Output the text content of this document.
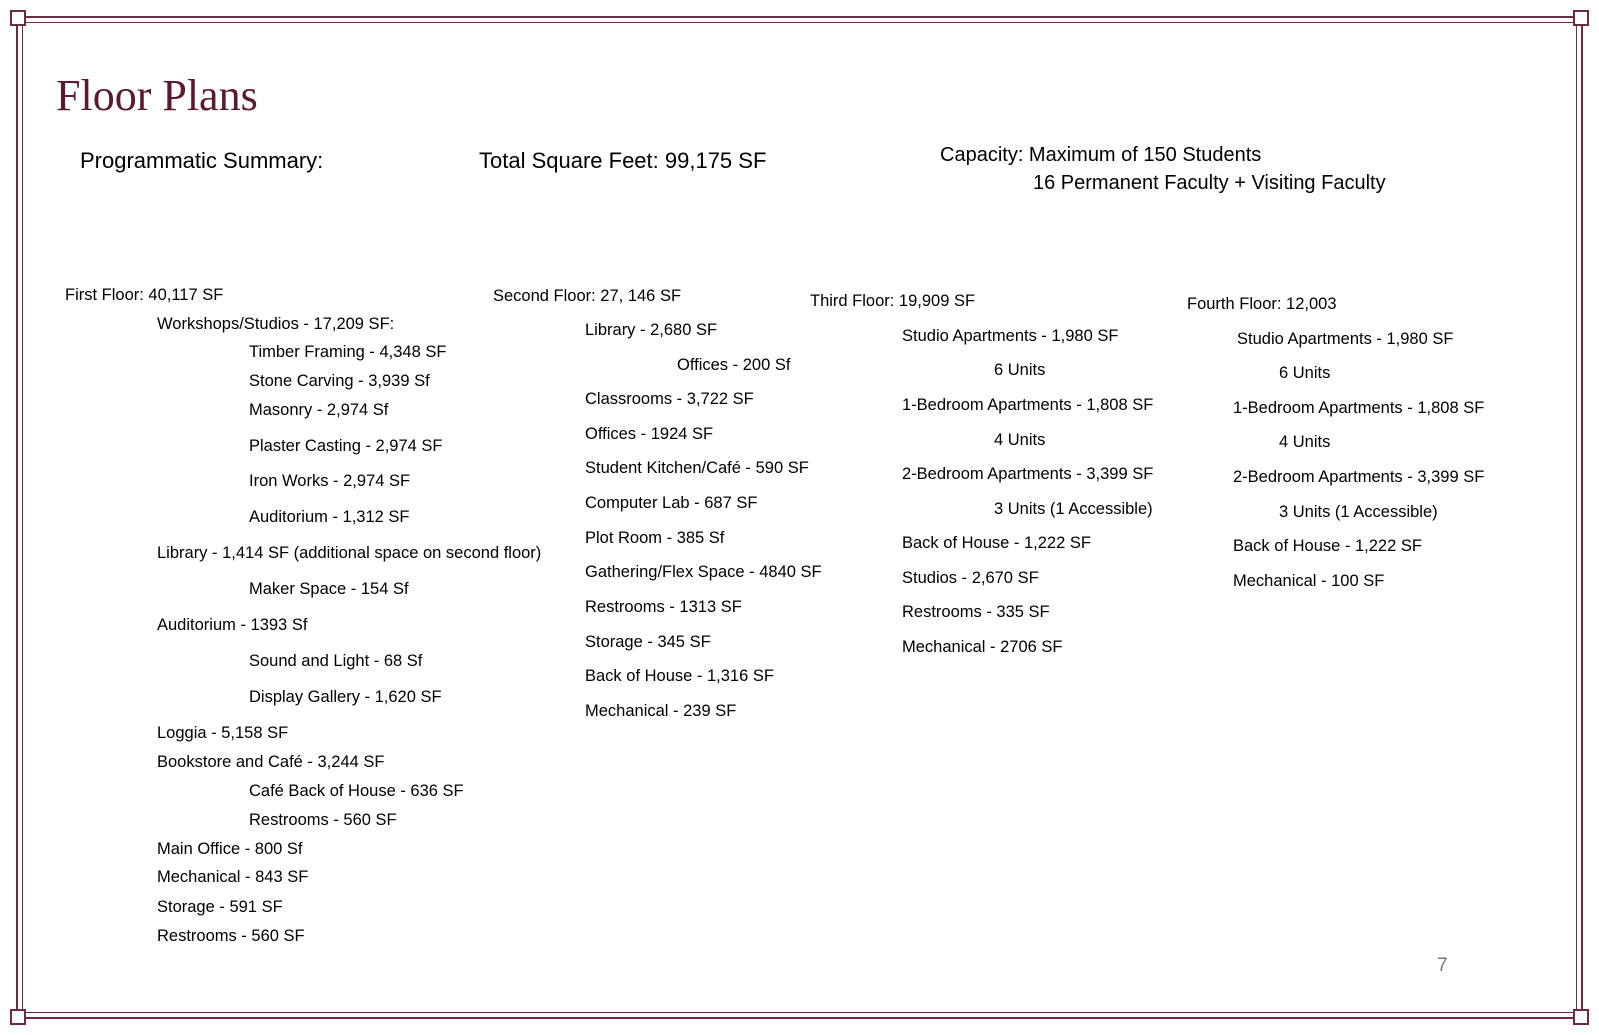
Floor Plans
Programmatic Summary:	Total Square Feet: 99,175 SF	Capacity: Maximum of 150 Students
16 Permanent Faculty + Visiting Faculty
First Floor: 40,117 SF
Workshops/Studios - 17,209 SF:
Timber Framing - 4,348 SF
Stone Carving - 3,939 Sf
Masonry - 2,974 Sf
Plaster Casting - 2,974 SF
Iron Works - 2,974 SF
Auditorium - 1,312 SF
Library - 1,414 SF (additional space on second floor)
Maker Space - 154 Sf
Auditorium - 1393 Sf
Sound and Light - 68 Sf
Display Gallery - 1,620 SF
Loggia - 5,158 SF
Bookstore and Café - 3,244 SF
Café Back of House - 636 SF
Restrooms - 560 SF
Main Office - 800 Sf
Mechanical - 843 SF
Storage - 591 SF
Restrooms - 560 SF
Second Floor: 27, 146 SF
Library - 2,680 SF
Offices - 200 Sf
Classrooms - 3,722 SF
Offices - 1924 SF
Student Kitchen/Café - 590 SF
Computer Lab - 687 SF
Plot Room - 385 Sf
Gathering/Flex Space - 4840 SF
Restrooms - 1313 SF
Storage - 345 SF
Back of House - 1,316 SF
Mechanical - 239 SF
Third Floor: 19,909 SF
Studio Apartments - 1,980 SF
6 Units
1-Bedroom Apartments - 1,808 SF
4 Units
2-Bedroom Apartments - 3,399 SF
3 Units (1 Accessible)
Back of House - 1,222 SF
Studios - 2,670 SF
Restrooms - 335 SF
Mechanical - 2706 SF
Fourth Floor: 12,003
Studio Apartments - 1,980 SF
6 Units
1-Bedroom Apartments - 1,808 SF
4 Units
2-Bedroom Apartments - 3,399 SF
3 Units (1 Accessible)
Back of House - 1,222 SF
Mechanical - 100 SF
7
